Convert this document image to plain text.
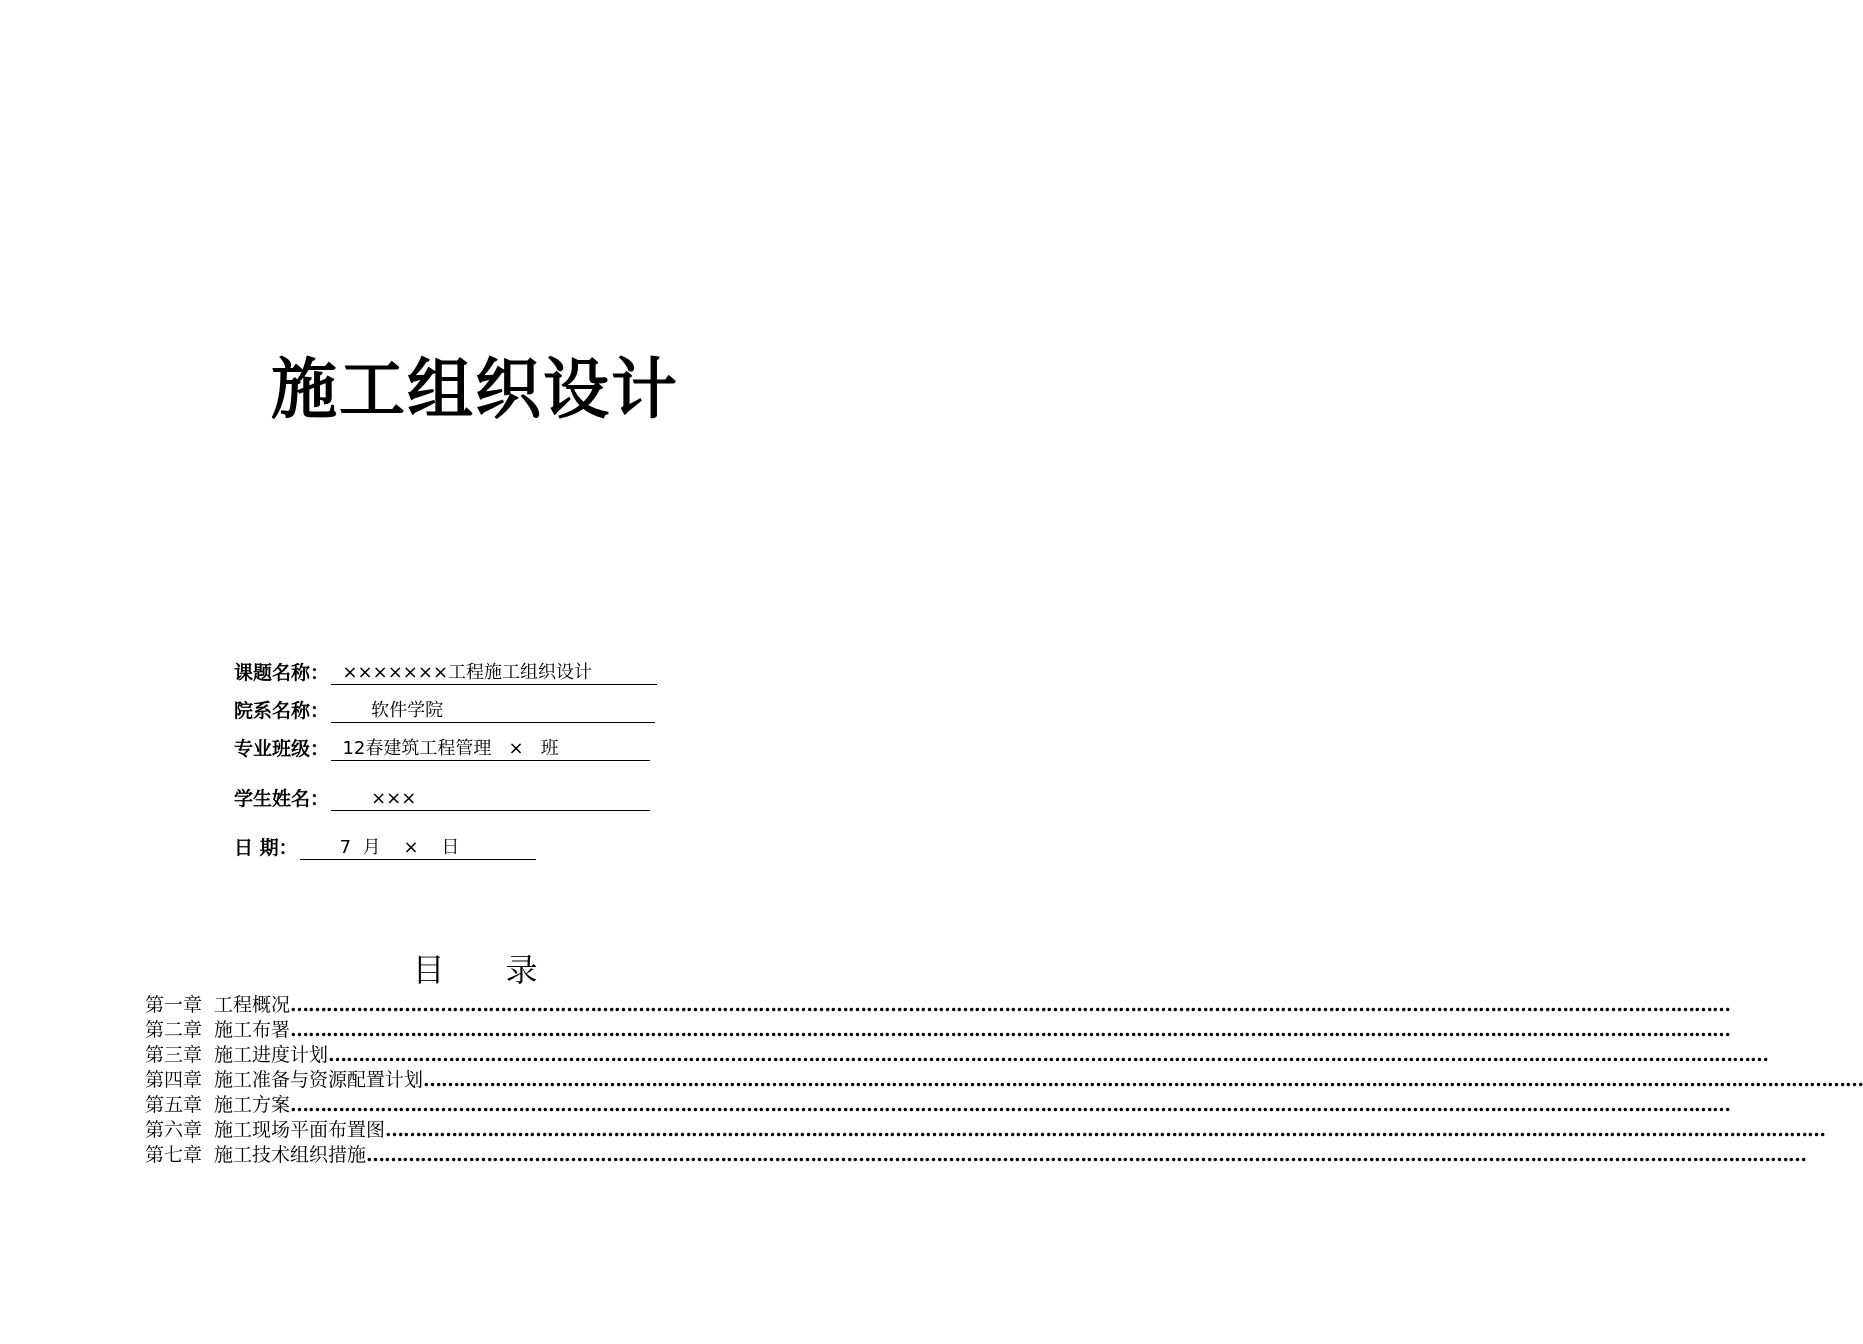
施工组织设计
课题名称： ×××××××工程施工组织设计
院系名称： 软件学院
专业班级： 12春建筑工程管理   ×   班
学生姓名： ×××
日 期： 7  月    ×    日
目      录
第一章 工程概况 ……………………………………………………………………………………………………………………………………………………………………………………………………………………
第二章 施工布署 ……………………………………………………………………………………………………………………………………………………………………………………………………………………
第三章 施工进度计划 ……………………………………………………………………………………………………………………………………………………………………………………………………………………
第四章 施工准备与资源配置计划 ……………………………………………………………………………………………………………………………………………………………………………………………………………………
第五章 施工方案 ……………………………………………………………………………………………………………………………………………………………………………………………………………………
第六章 施工现场平面布置图 ……………………………………………………………………………………………………………………………………………………………………………………………………………………
第七章 施工技术组织措施 ……………………………………………………………………………………………………………………………………………………………………………………………………………………
